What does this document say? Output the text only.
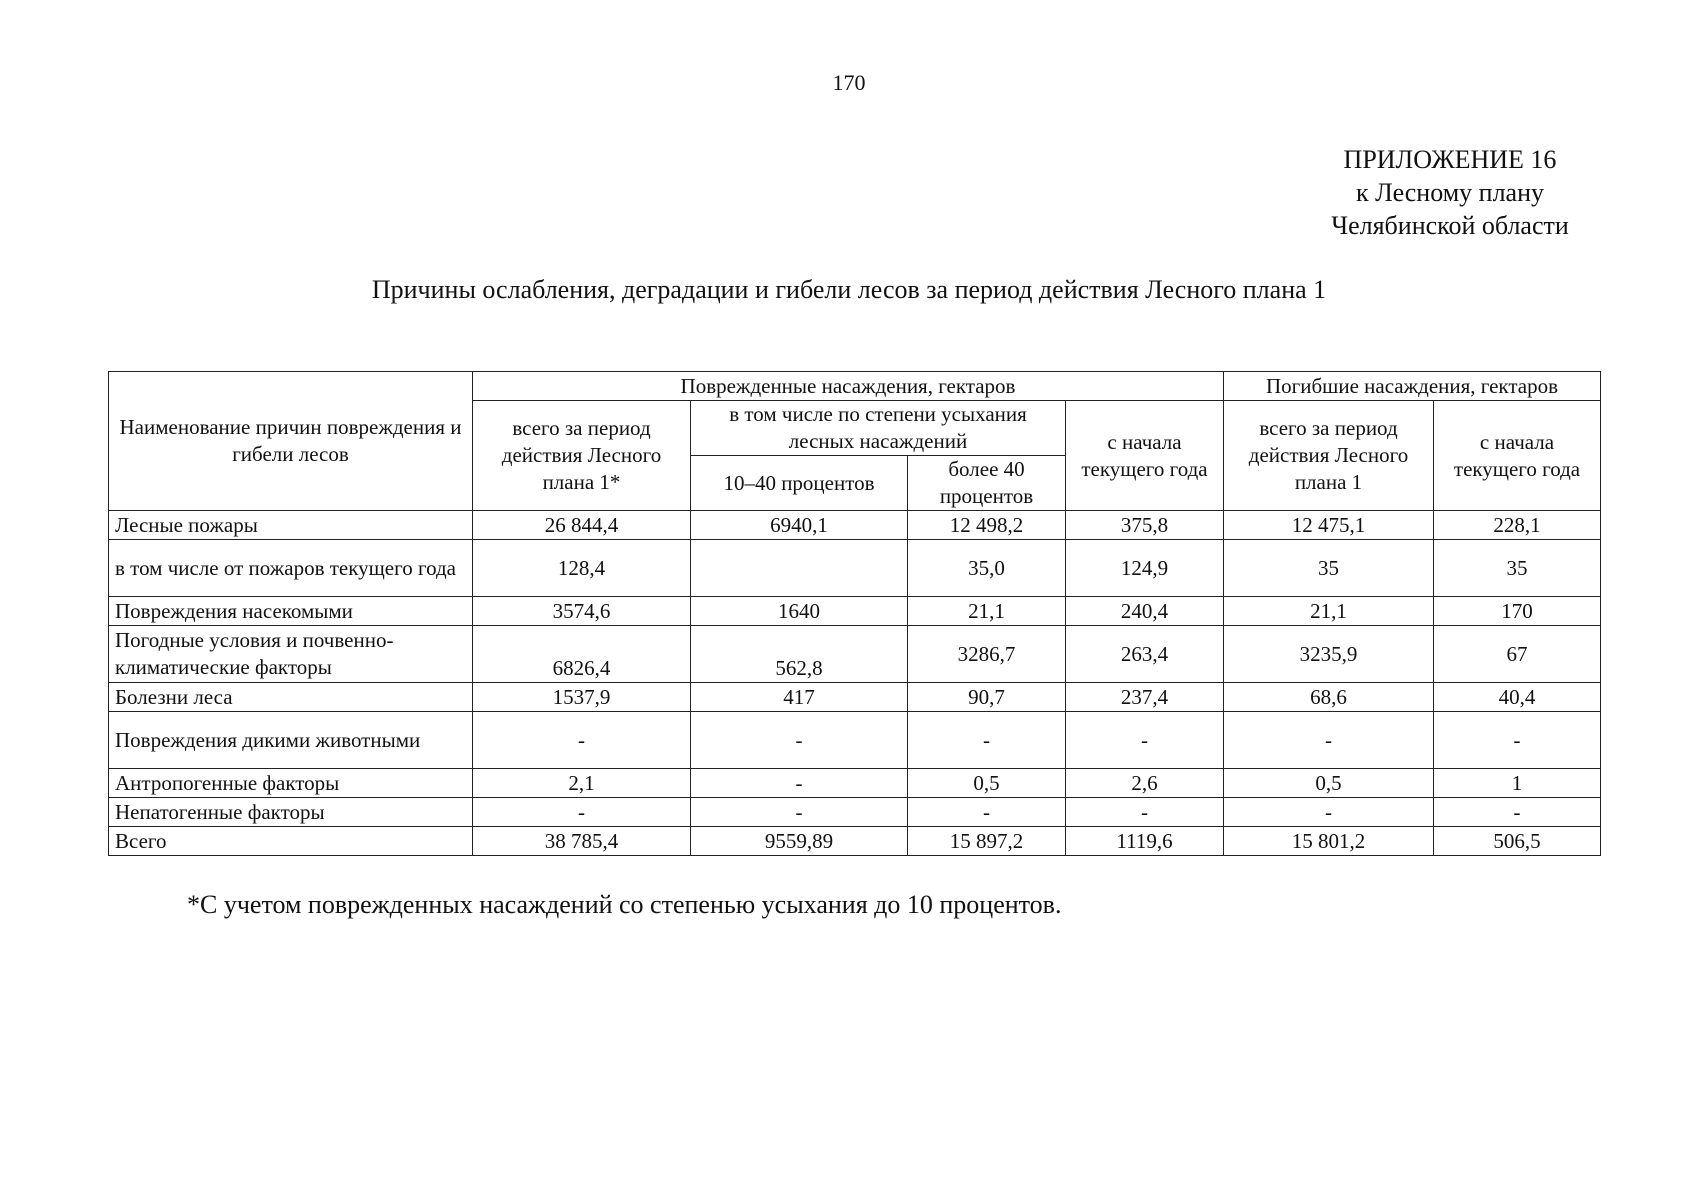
170
ПРИЛОЖЕНИЕ 16
к Лесному плану
Челябинской области
Причины ослабления, деградации и гибели лесов за период действия Лесного плана 1
Наименование причин повреждения и гибели лесов	Поврежденные насаждения, гектаров				Погибшие насаждения, гектаров	
	всего за период действия Лесного плана 1*	в том числе по степени усыхания лесных насаждений		с начала текущего года	всего за период действия Лесного плана 1	с начала текущего года
		10–40 процентов	более 40 процентов			
Лесные пожары	26 844,4	6940,1	12 498,2	375,8	12 475,1	228,1
в том числе от пожаров текущего года	128,4		35,0	124,9	35	35
Повреждения насекомыми	3574,6	1640	21,1	240,4	21,1	170
Погодные условия и почвенно-климатические факторы	6826,4	562,8	3286,7	263,4	3235,9	67
Болезни леса	1537,9	417	90,7	237,4	68,6	40,4
Повреждения дикими животными	-	-	-	-	-	-
Антропогенные факторы	2,1	-	0,5	2,6	0,5	1
Непатогенные факторы	-	-	-	-	-	-
Всего	38 785,4	9559,89	15 897,2	1119,6	15 801,2	506,5
*С учетом поврежденных насаждений со степенью усыхания до 10 процентов.
